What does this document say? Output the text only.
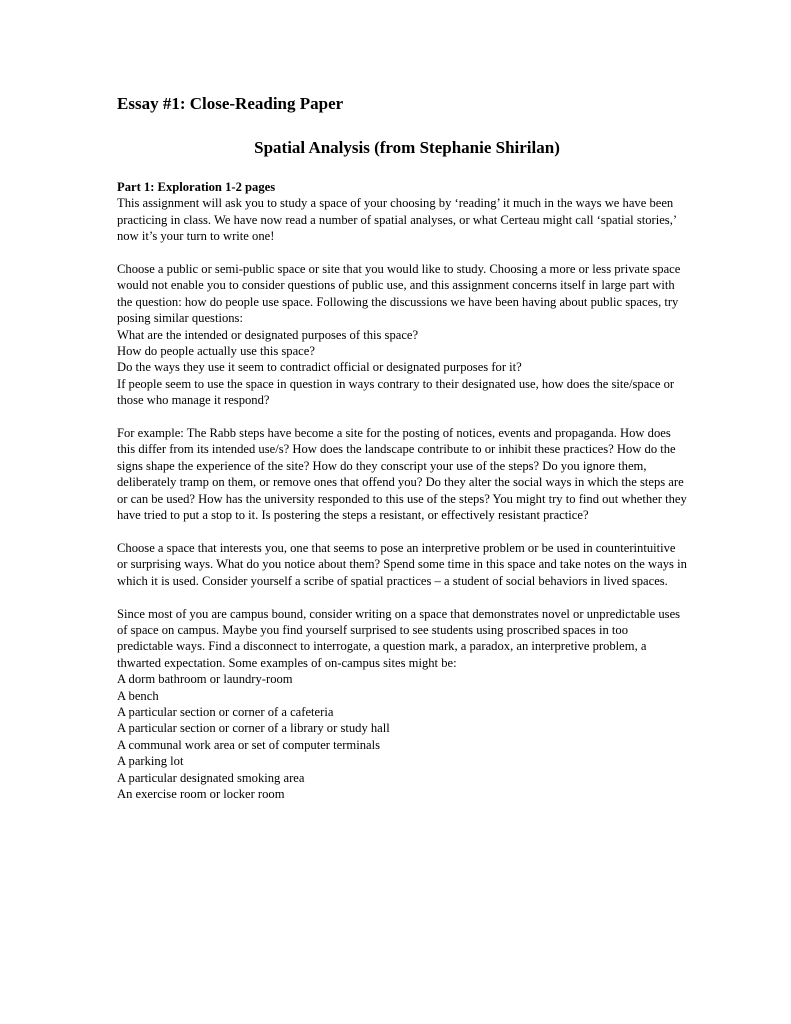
Essay #1: Close-Reading Paper
Spatial Analysis (from Stephanie Shirilan)
Part 1: Exploration 1-2 pages

This assignment will ask you to study a space of your choosing by ‘reading’ it much in the ways we have been practicing in class. We have now read a number of spatial analyses, or what Certeau might call ‘spatial stories,’ now it’s your turn to write one!

Choose a public or semi-public space or site that you would like to study. Choosing a more or less private space would not enable you to consider questions of public use, and this assignment concerns itself in large part with the question: how do people use space. Following the discussions we have been having about public spaces, try posing similar questions:

What are the intended or designated purposes of this space?
How do people actually use this space?
Do the ways they use it seem to contradict official or designated purposes for it?
If people seem to use the space in question in ways contrary to their designated use, how does the site/space or those who manage it respond?

For example: The Rabb steps have become a site for the posting of notices, events and propaganda. How does this differ from its intended use/s? How does the landscape contribute to or inhibit these practices? How do the signs shape the experience of the site? How do they conscript your use of the steps? Do you ignore them, deliberately tramp on them, or remove ones that offend you? Do they alter the social ways in which the steps are or can be used? How has the university responded to this use of the steps? You might try to find out whether they have tried to put a stop to it. Is postering the steps a resistant, or effectively resistant practice?

Choose a space that interests you, one that seems to pose an interpretive problem or be used in counterintuitive or surprising ways. What do you notice about them? Spend some time in this space and take notes on the ways in which it is used. Consider yourself a scribe of spatial practices – a student of social behaviors in lived spaces.

Since most of you are campus bound, consider writing on a space that demonstrates novel or unpredictable uses of space on campus. Maybe you find yourself surprised to see students using proscribed spaces in too predictable ways. Find a disconnect to interrogate, a question mark, a paradox, an interpretive problem, a thwarted expectation. Some examples of on-campus sites might be:

A dorm bathroom or laundry-room
A bench
A particular section or corner of a cafeteria
A particular section or corner of a library or study hall
A communal work area or set of computer terminals
A parking lot
A particular designated smoking area
An exercise room or locker room
